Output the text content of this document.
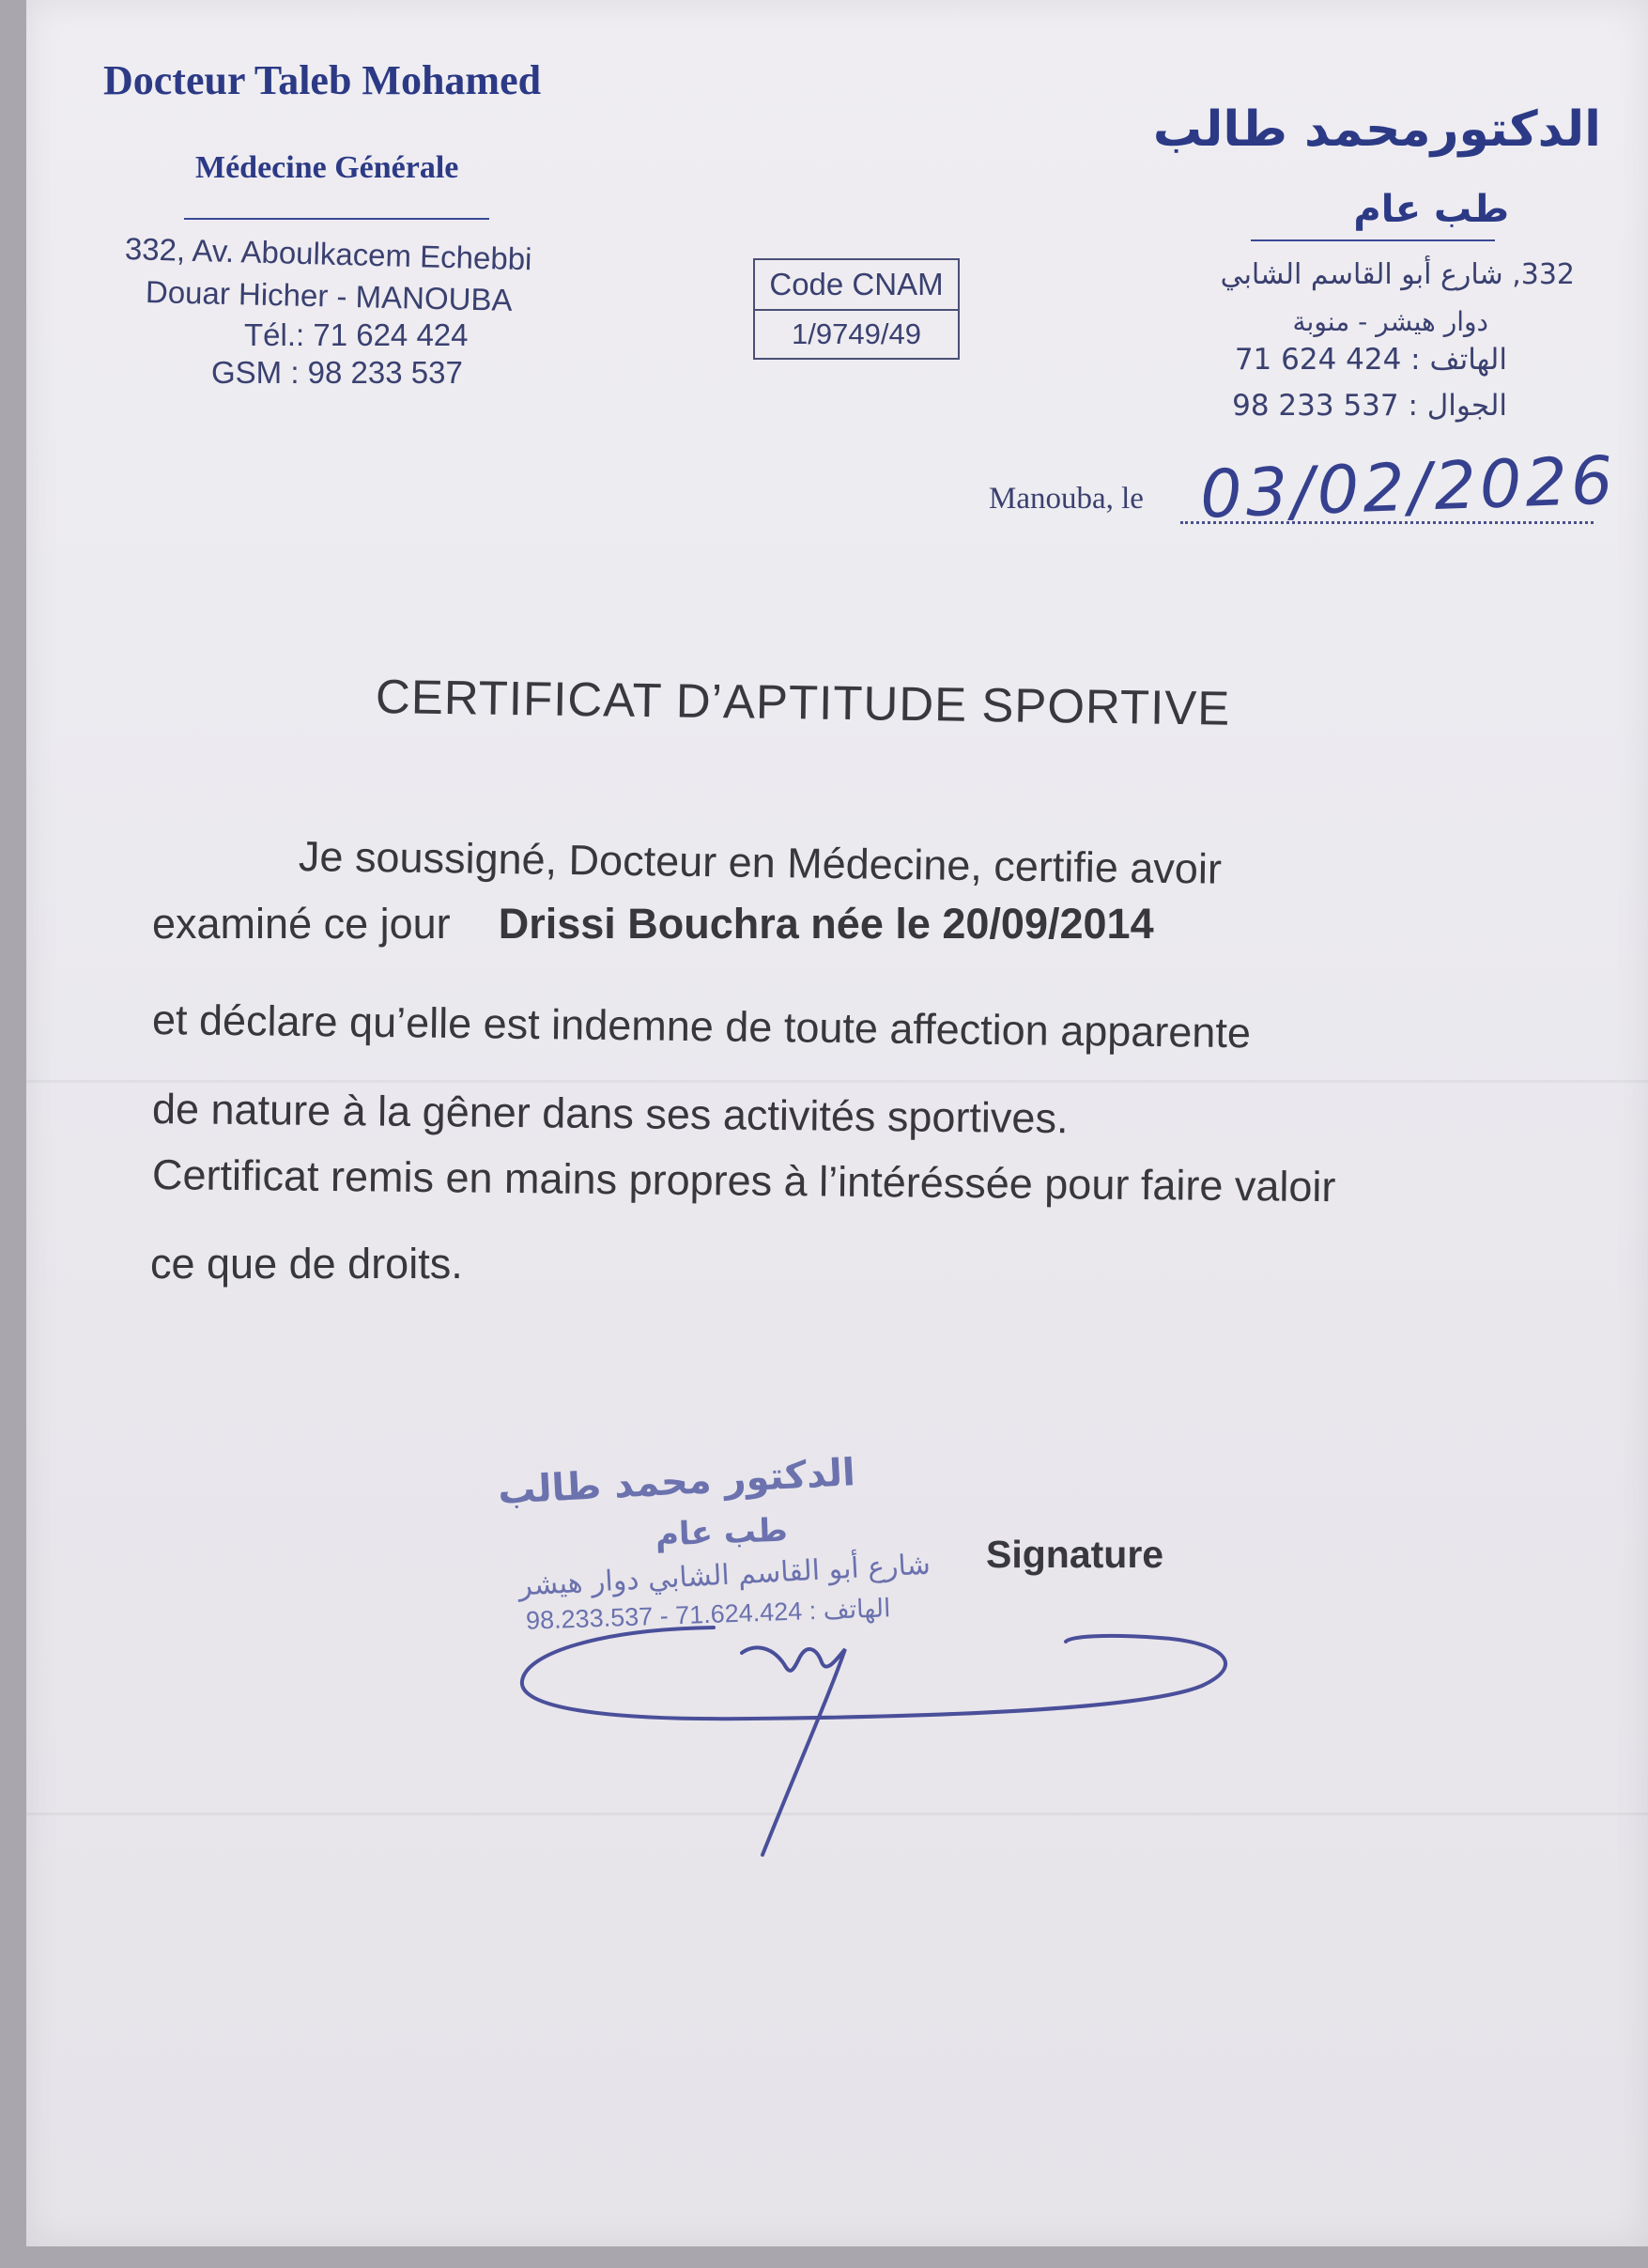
Docteur Taleb Mohamed
Médecine Générale
332, Av. Aboulkacem Echebbi
Douar Hicher - MANOUBA
Tél.: 71 624 424
GSM : 98 233 537
Code CNAM
1/9749/49
الدكتورمحمد طالب
طب عام
332, شارع أبو القاسم الشابي
دوار هيشر - منوبة
الهاتف : 424 624 71
الجوال : 537 233 98
Manouba, le 03/02/2026
CERTIFICAT D’APTITUDE SPORTIVE
Je soussigné, Docteur en Médecine, certifie avoir
examiné ce jour Drissi Bouchra née le 20/09/2014
et déclare qu’elle est indemne de toute affection apparente
de nature à la gêner dans ses activités sportives.
Certificat remis en mains propres à l’intéréssée pour faire valoir
ce que de droits.
الدكتور محمد طالب
طب عام
شارع أبو القاسم الشابي دوار هيشر
98.233.537 - 71.624.424 : الهاتف
Signature
